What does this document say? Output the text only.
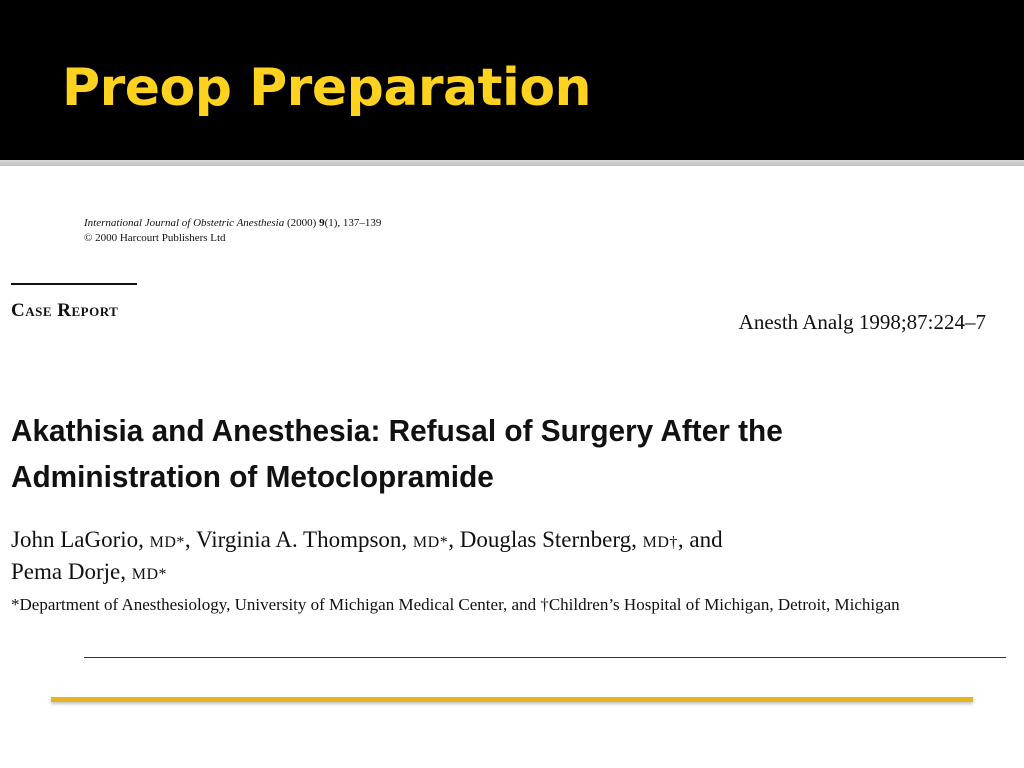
Preop Preparation
International Journal of Obstetric Anesthesia (2000) 9(1), 137–139
© 2000 Harcourt Publishers Ltd
Case Report	Anesth Analg 1998;87:224–7
Akathisia and Anesthesia: Refusal of Surgery After the Administration of Metoclopramide
John LaGorio, MD*, Virginia A. Thompson, MD*, Douglas Sternberg, MD†, and
Pema Dorje, MD*
*Department of Anesthesiology, University of Michigan Medical Center, and †Children’s Hospital of Michigan, Detroit, Michigan
